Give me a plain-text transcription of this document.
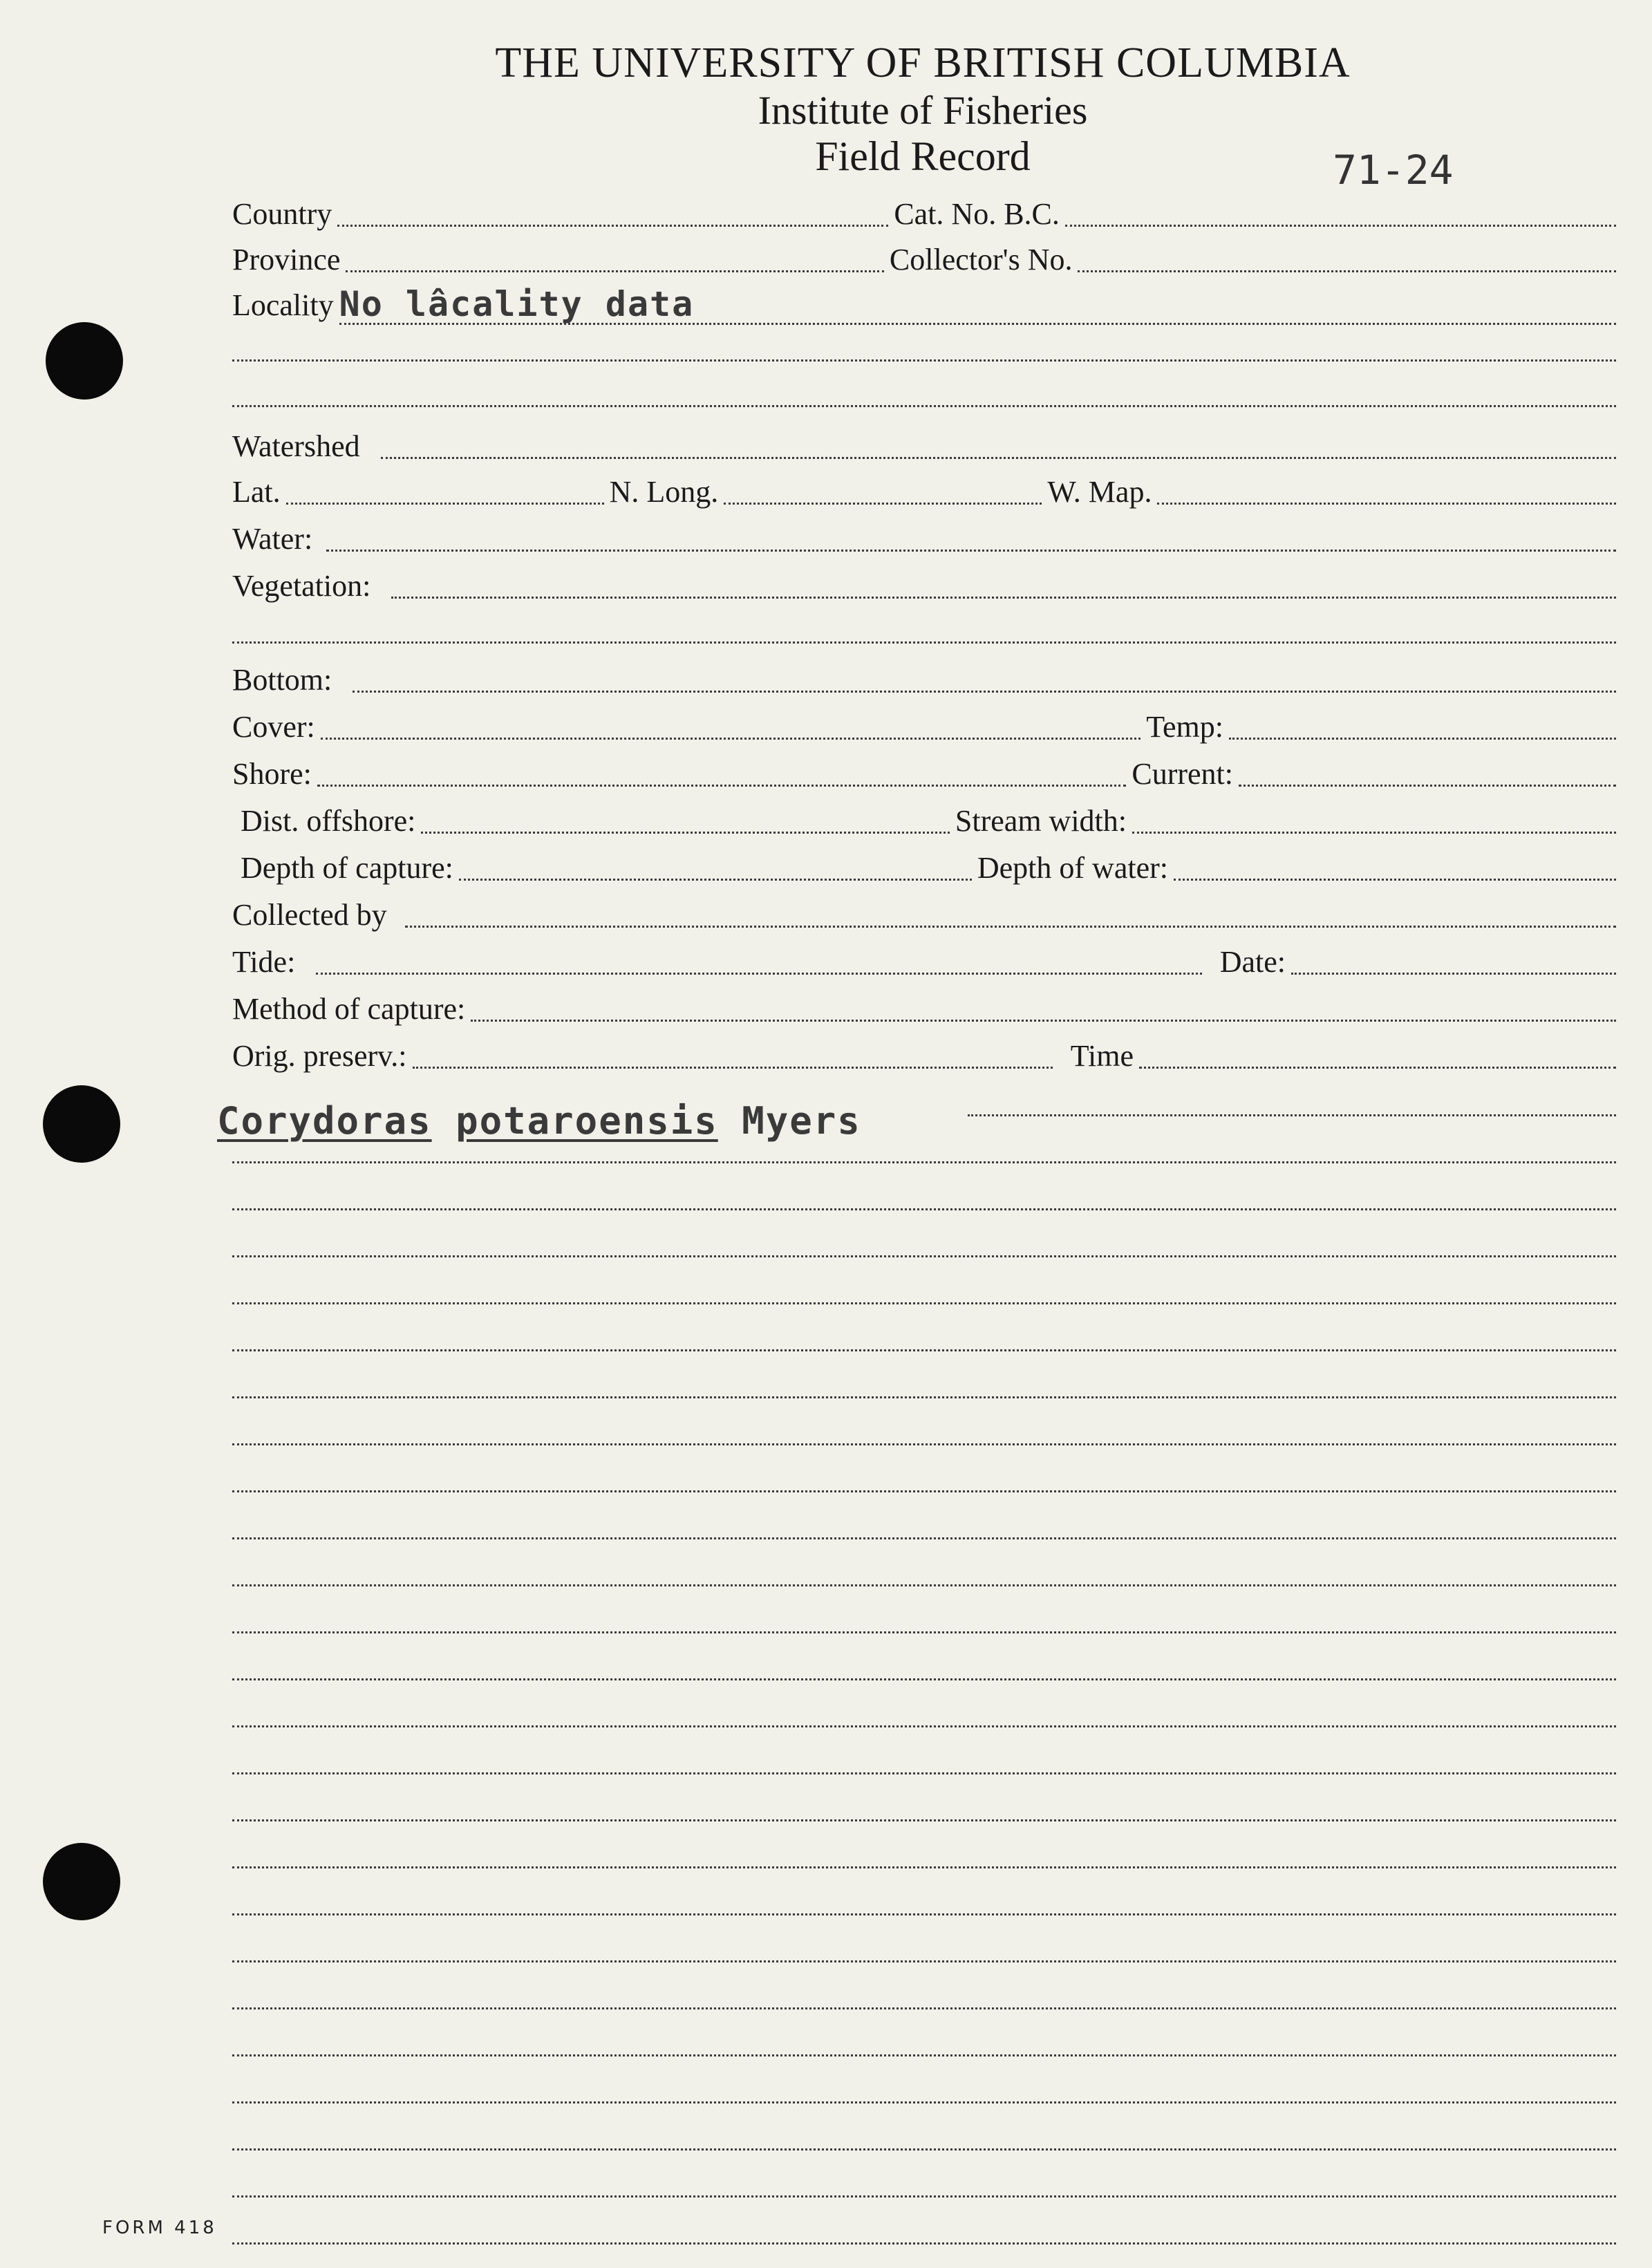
THE UNIVERSITY OF BRITISH COLUMBIA
Institute of Fisheries
Field Record	71-24
Country	Cat. No. B.C.
Province	Collector's No.
Locality No lâcality data
Watershed
Lat.	N. Long.	W. Map.
Water:
Vegetation:
Bottom:
Cover:	Temp:
Shore:	Current:
Dist. offshore:	Stream width:
Depth of capture:	Depth of water:
Collected by
Tide:	Date:
Method of capture:
Orig. preserv.:	Time
Corydoras potaroensis Myers
FORM 418
